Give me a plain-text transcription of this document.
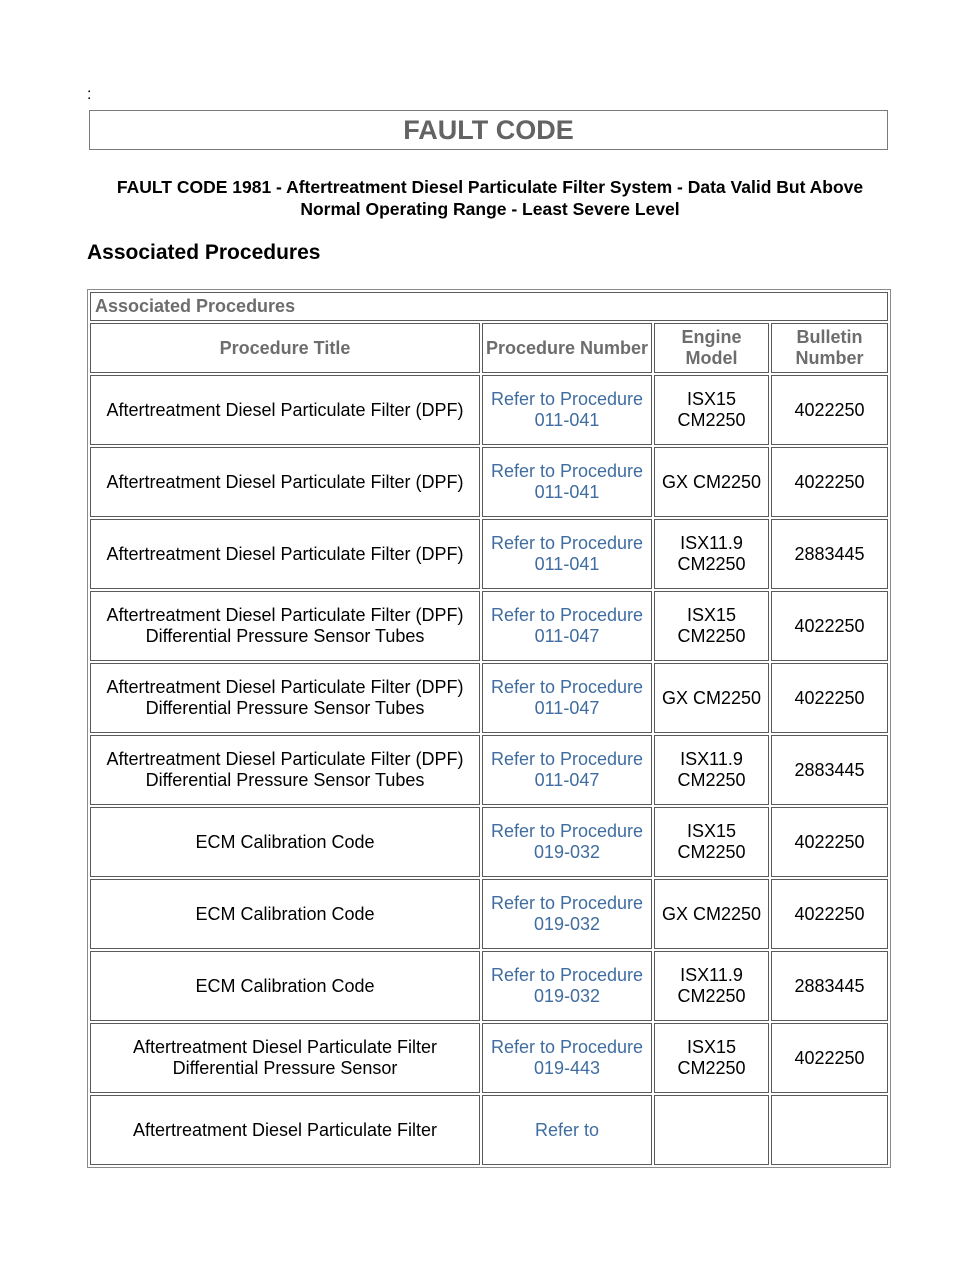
:
FAULT CODE
FAULT CODE 1981 - Aftertreatment Diesel Particulate Filter System - Data Valid But Above Normal Operating Range - Least Severe Level
Associated Procedures
Associated Procedures			
Procedure Title	Procedure Number	Engine Model	Bulletin Number
Aftertreatment Diesel Particulate Filter (DPF)	Refer to Procedure 011-041	ISX15 CM2250	4022250
Aftertreatment Diesel Particulate Filter (DPF)	Refer to Procedure 011-041	GX CM2250	4022250
Aftertreatment Diesel Particulate Filter (DPF)	Refer to Procedure 011-041	ISX11.9 CM2250	2883445
Aftertreatment Diesel Particulate Filter (DPF) Differential Pressure Sensor Tubes	Refer to Procedure 011-047	ISX15 CM2250	4022250
Aftertreatment Diesel Particulate Filter (DPF) Differential Pressure Sensor Tubes	Refer to Procedure 011-047	GX CM2250	4022250
Aftertreatment Diesel Particulate Filter (DPF) Differential Pressure Sensor Tubes	Refer to Procedure 011-047	ISX11.9 CM2250	2883445
ECM Calibration Code	Refer to Procedure 019-032	ISX15 CM2250	4022250
ECM Calibration Code	Refer to Procedure 019-032	GX CM2250	4022250
ECM Calibration Code	Refer to Procedure 019-032	ISX11.9 CM2250	2883445
Aftertreatment Diesel Particulate Filter Differential Pressure Sensor	Refer to Procedure 019-443	ISX15 CM2250	4022250
Aftertreatment Diesel Particulate Filter	Refer to		
